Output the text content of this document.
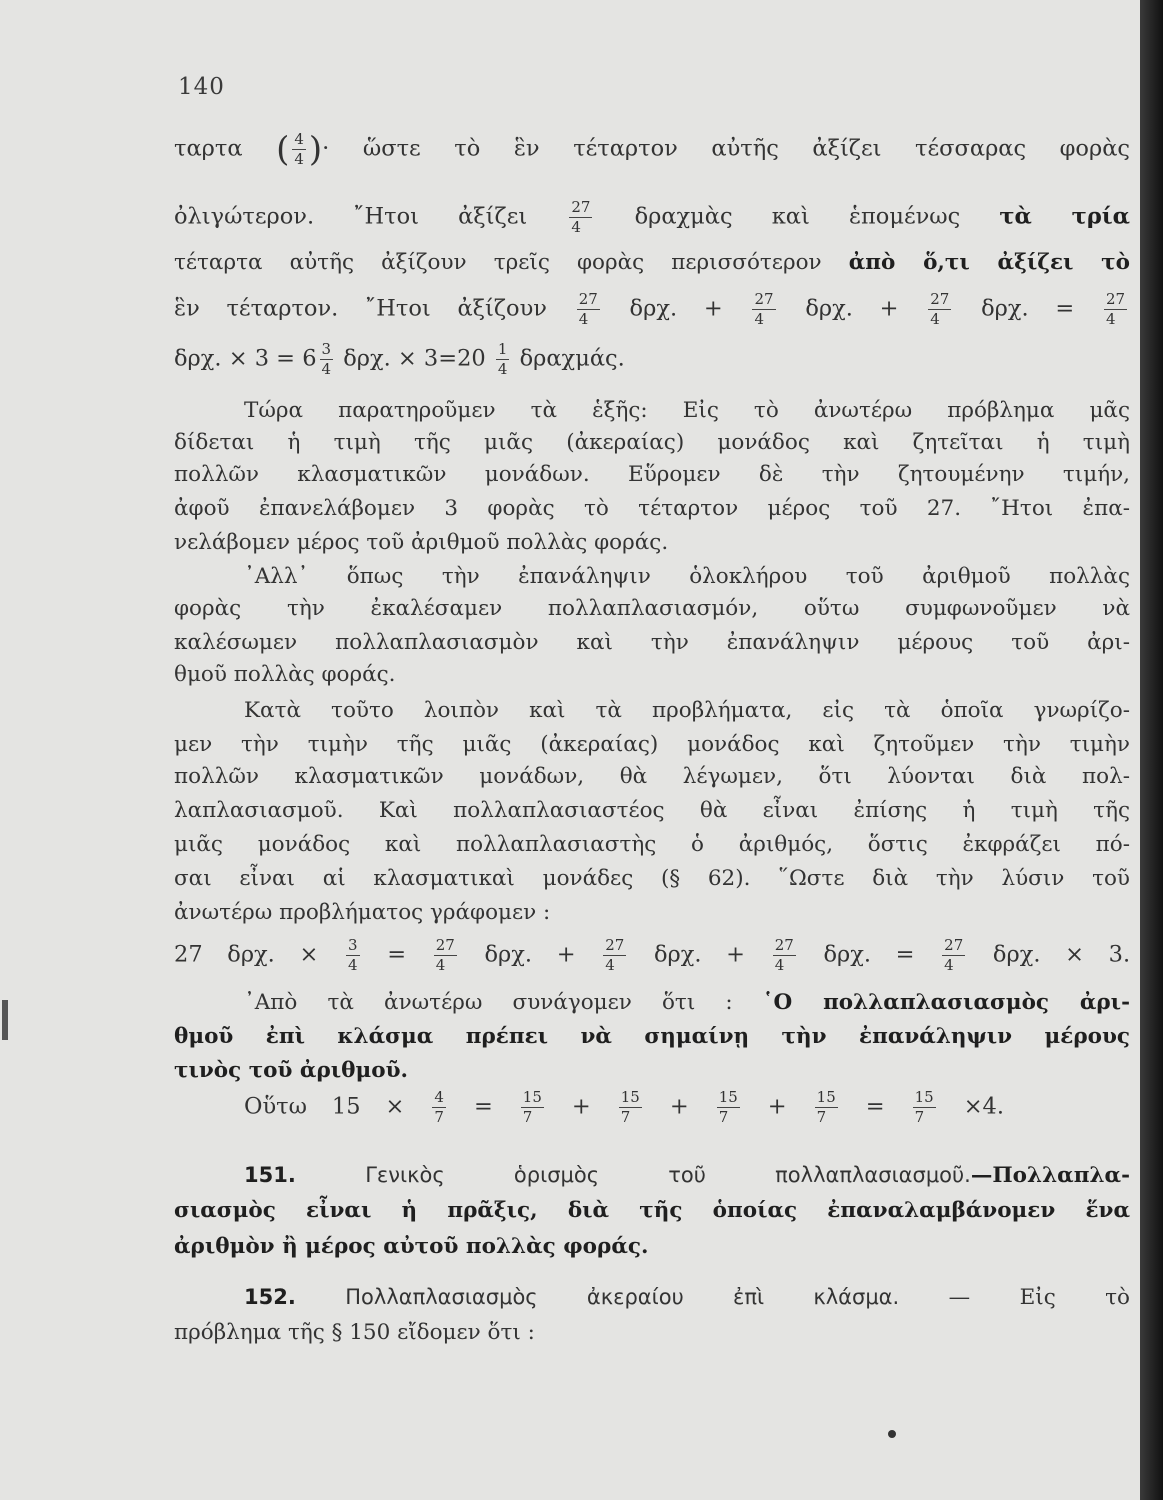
140
ταρτα ( $\frac{4}{4}$ )· ὥστε τὸ ἓν τέταρτον αὐτῆς ἀξίζει τέσσαρας φορὰς
ὀλιγώτερον. ῎Ητοι ἀξίζει	$\frac{27}{4}$ δραχμὰς καὶ ἑπομένως τὰ τρία
τέταρτα αὐτῆς ἀξίζουν τρεῖς φορὰς περισσότερον ἀπὸ ὅ,τι ἀξίζει τὸ
ἓν τέταρτον. ῎Ητοι ἀξίζουν $\frac{27}{4} \delta\rho\chi$. + $\frac{27}{4} \delta\rho\chi$. + $\frac{27}{4} \delta\rho\chi$. = $\frac{27}{4}$
δρχ. × $3 = 6 \frac{3}{4} \delta\rho\chi$. × $3=20 \frac{1}{4} \delta\rho\alpha\chi\mu ά\varsigma$.
Τώρα παρατηροῦμεν τὰ ἑξῆς: Εἰς τὸ ἀνωτέρω πρόβλημα μᾶς
δίδεται ἡ τιμὴ τῆς μιᾶς (ἀκεραίας) μονάδος καὶ ζητεῖται ἡ τιμὴ
πολλῶν κλασματικῶν μονάδων. Εὕρομεν δὲ τὴν ζητουμένην τιμήν,
ἀφοῦ ἐπανελάβομεν 3 φορὰς τὸ τέταρτον μέρος τοῦ 27. ῎Ητοι ἐπα-
νελάβομεν μέρος τοῦ ἀριθμοῦ πολλὰς φοράς.
᾽Αλλ᾽ ὅπως τὴν ἐπανάληψιν ὁλοκλήρου τοῦ ἀριθμοῦ πολλὰς
φορὰς τὴν ἐκαλέσαμεν πολλαπλασιασμόν, οὕτω συμφωνοῦμεν νὰ
καλέσωμεν πολλαπλασιασμὸν καὶ τὴν ἐπανάληψιν μέρους τοῦ ἀρι-
θμοῦ πολλὰς φοράς.
Κατὰ τοῦτο λοιπὸν καὶ τὰ προβλήματα, εἰς τὰ ὁποῖα γνωρίζο-
μεν τὴν τιμὴν τῆς μιᾶς (ἀκεραίας) μονάδος καὶ ζητοῦμεν τὴν τιμὴν
πολλῶν κλασματικῶν μονάδων, θὰ λέγωμεν, ὅτι λύονται διὰ πολ-
λαπλασιασμοῦ. Καὶ πολλαπλασιαστέος θὰ εἶναι ἐπίσης ἡ τιμὴ τῆς
μιᾶς μονάδος καὶ πολλαπλασιαστὴς ὁ ἀριθμός, ὅστις ἐκφράζει πό-
σαι εἶναι αἱ κλασματικαὶ μονάδες (§ 62). ῞Ωστε διὰ τὴν λύσιν τοῦ
ἀνωτέρω προβλήματος γράφομεν :
27 δρχ. × $\frac{3}{4} = \frac{27}{4} \delta\rho\chi$. + $\frac{27}{4} \delta\rho\chi$. + $\frac{27}{4} \delta\rho\chi$. = $\frac{27}{4} \delta\rho\chi$. × 3.
᾽Απὸ τὰ ἀνωτέρω συνάγομεν ὅτι : ῾Ο πολλαπλασιασμὸς ἀρι-
θμοῦ ἐπὶ κλάσμα πρέπει νὰ σημαίνῃ τὴν ἐπανάληψιν μέρους
τινὸς τοῦ ἀριθμοῦ.
Οὕτω $15 \times \frac{4}{7} = \frac{15}{7} + \frac{15}{7} + \frac{15}{7} + \frac{15}{7} = \frac{15}{7} \times 4$.
151.	Γενικὸς ὁρισμὸς τοῦ πολλαπλασιασμοῦ.—Πολλαπλα-
σιασμὸς εἶναι ἡ πρᾶξις, διὰ τῆς ὁποίας ἐπαναλαμβάνομεν ἕνα
ἀριθμὸν ἢ μέρος αὐτοῦ πολλὰς φοράς.
152. Πολλαπλασιασμὸς ἀκεραίου ἐπὶ κλάσμα. — Εἰς τὸ
πρόβλημα τῆς § 150 εἴδομεν ὅτι :
